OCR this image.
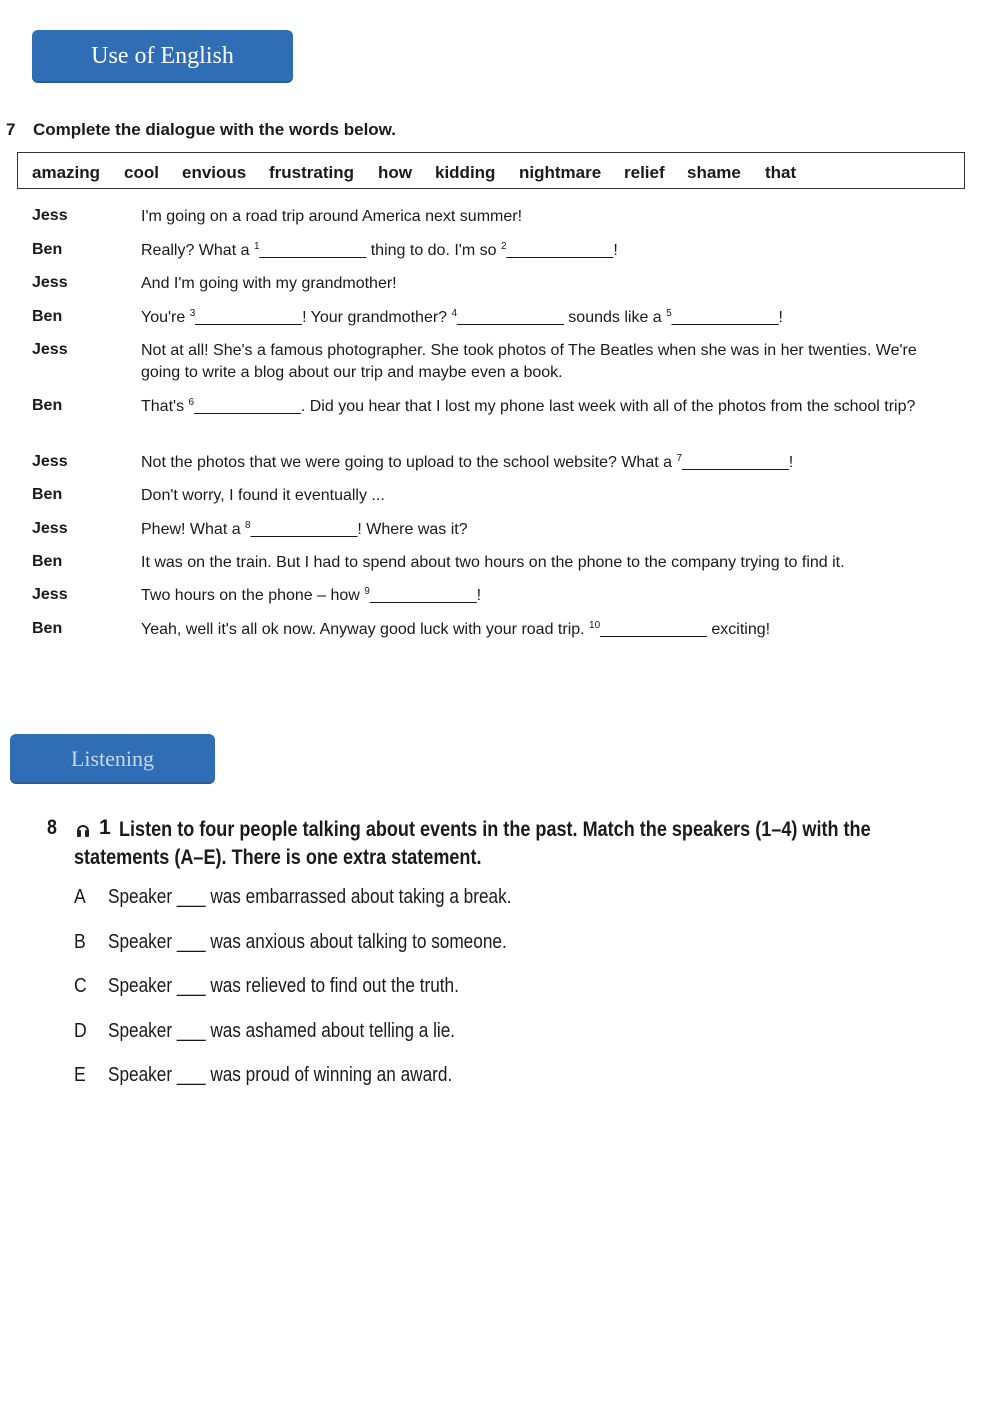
Use of English
7 Complete the dialogue with the words below.
amazing cool envious frustrating how kidding nightmare relief shame that
Jess	I'm going on a road trip around America next summer!
Ben	Really? What a $^1$____________ thing to do. I'm so $^2$____________!
Jess	And I'm going with my grandmother!
Ben	You're $^3$____________! Your grandmother? $^4$____________ sounds like a $^5$____________!
Jess	Not at all! She's a famous photographer. She took photos of The Beatles when she was in her twenties. We're going to write a blog about our trip and maybe even a book.
Ben	That's $^6$____________. Did you hear that I lost my phone last week with all of the photos from the school trip?
Jess	Not the photos that we were going to upload to the school website? What a $^7$____________!
Ben	Don't worry, I found it eventually ...
Jess	Phew! What a $^8$____________! Where was it?
Ben	It was on the train. But I had to spend about two hours on the phone to the company trying to find it.
Jess	Two hours on the phone – how $^9$____________!
Ben	Yeah, well it's all ok now. Anyway good luck with your road trip. $^{10}$____________ exciting!
Listening
8 1 Listen to four people talking about events in the past. Match the speakers (1–4) with the
statements (A–E). There is one extra statement.
A Speaker ___ was embarrassed about taking a break.
B Speaker ___ was anxious about talking to someone.
C Speaker ___ was relieved to find out the truth.
D Speaker ___ was ashamed about telling a lie.
E Speaker ___ was proud of winning an award.
